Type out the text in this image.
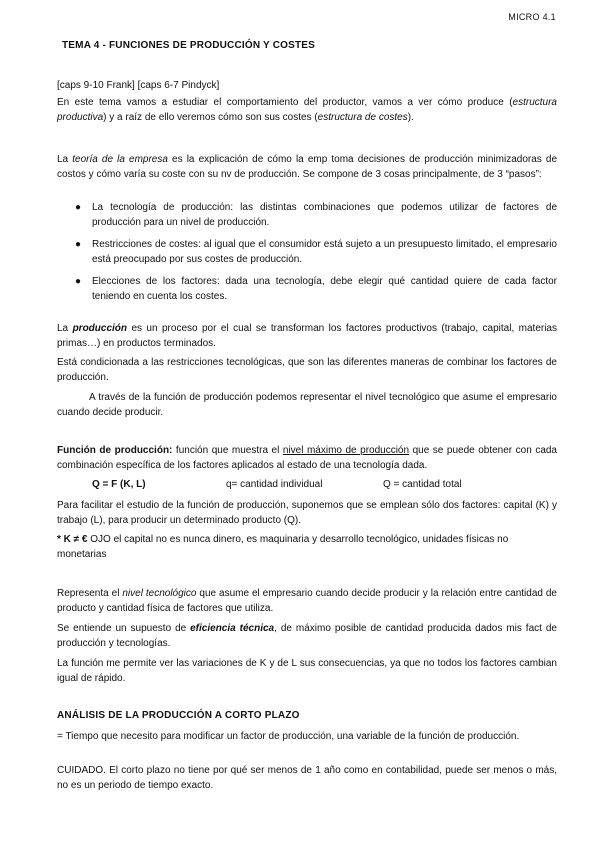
MICRO 4.1
TEMA 4 - FUNCIONES DE PRODUCCIÓN Y COSTES
[caps 9-10 Frank] [caps 6-7 Pindyck]
En este tema vamos a estudiar el comportamiento del productor, vamos a ver cómo produce (estructura productiva) y a raíz de ello veremos cómo son sus costes (estructura de costes).
La teoría de la empresa es la explicación de cómo la emp toma decisiones de producción minimizadoras de costos y cómo varía su coste con su nv de producción. Se compone de 3 cosas principalmente, de 3 “pasos”:
● La tecnología de producción: las distintas combinaciones que podemos utilizar de factores de producción para un nivel de producción.
● Restricciones de costes: al igual que el consumidor está sujeto a un presupuesto limitado, el empresario está preocupado por sus costes de producción.
● Elecciones de los factores: dada una tecnología, debe elegir qué cantidad quiere de cada factor teniendo en cuenta los costes.
La producción es un proceso por el cual se transforman los factores productivos (trabajo, capital, materias primas…) en productos terminados.
Está condicionada a las restricciones tecnológicas, que son las diferentes maneras de combinar los factores de producción.
A través de la función de producción podemos representar el nivel tecnológico que asume el empresario cuando decide producir.
Función de producción: función que muestra el nivel máximo de producción que se puede obtener con cada combinación específica de los factores aplicados al estado de una tecnología dada.
Q = F (K, L)	q= cantidad individual	Q = cantidad total
Para facilitar el estudio de la función de producción, suponemos que se emplean sólo dos factores: capital (K) y trabajo (L), para producir un determinado producto (Q).
* K ≠ € OJO el capital no es nunca dinero, es maquinaria y desarrollo tecnológico, unidades físicas no monetarias
Representa el nivel tecnológico que asume el empresario cuando decide producir y la relación entre cantidad de producto y cantidad física de factores que utiliza.
Se entiende un supuesto de eficiencia técnica, de máximo posible de cantidad producida dados mis fact de producción y tecnologías.
La función me permite ver las variaciones de K y de L sus consecuencias, ya que no todos los factores cambian igual de rápido.
ANÁLISIS DE LA PRODUCCIÓN A CORTO PLAZO
= Tiempo que necesito para modificar un factor de producción, una variable de la función de producción.
CUIDADO. El corto plazo no tiene por qué ser menos de 1 año como en contabilidad, puede ser menos o más, no es un periodo de tiempo exacto.
